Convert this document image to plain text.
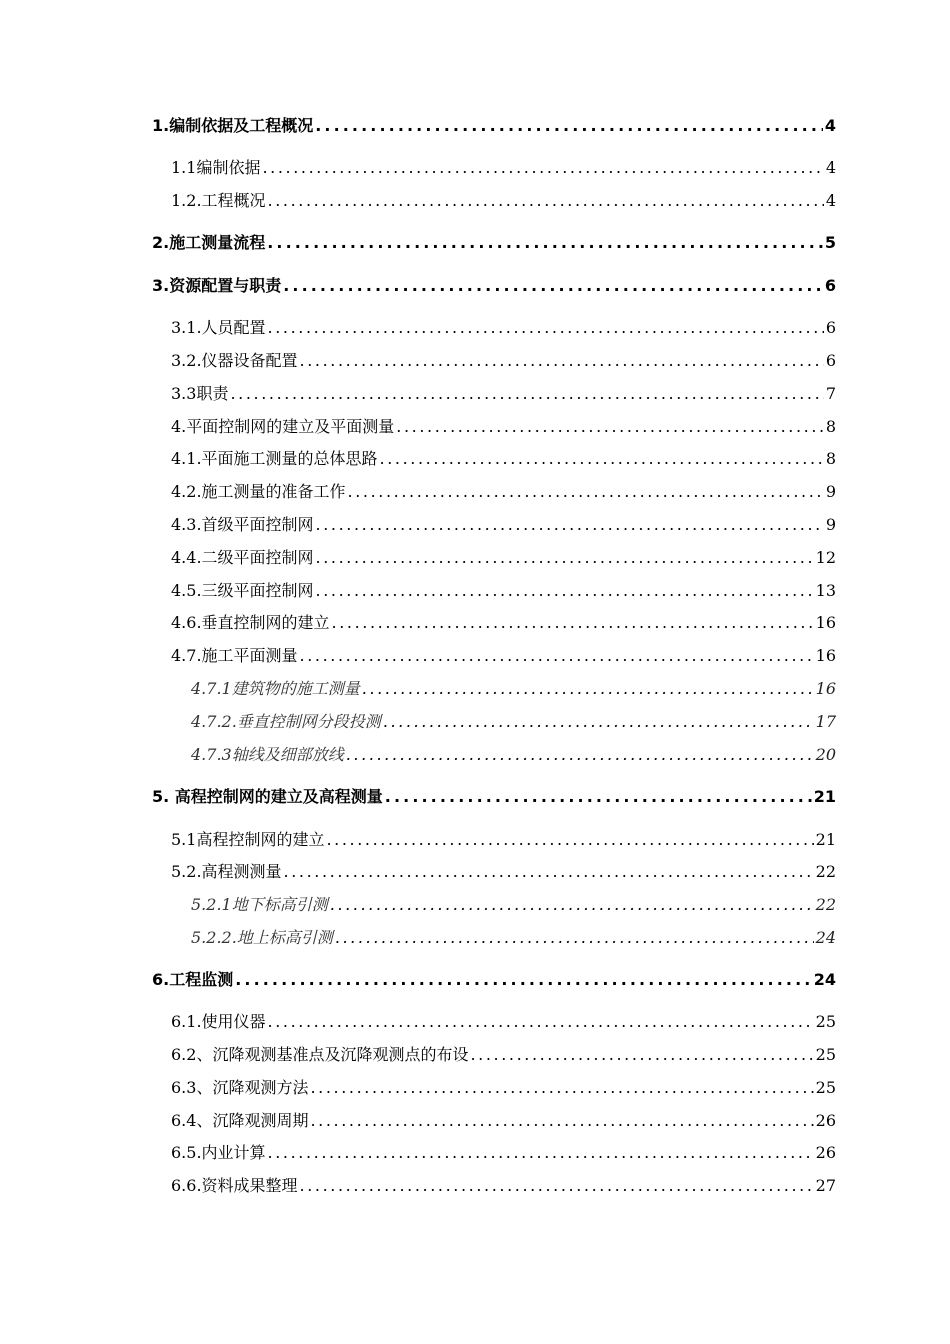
1.编制依据及工程概况 .....	4
1.1编制依据 .....	4
1.2.工程概况 .....	4
2.施工测量流程 .....	5
3.资源配置与职责 .....	6
3.1.人员配置 .....	6
3.2.仪器设备配置 .....	6
3.3职责 .....	7
4.平面控制网的建立及平面测量 .....	8
4.1.平面施工测量的总体思路 .....	8
4.2.施工测量的准备工作 .....	9
4.3.首级平面控制网 .....	9
4.4.二级平面控制网 .....	12
4.5.三级平面控制网 .....	13
4.6.垂直控制网的建立 .....	16
4.7.施工平面测量 .....	16
4.7.1建筑物的施工测量 .....	16
4.7.2.垂直控制网分段投测 .....	17
4.7.3轴线及细部放线 .....	20
5. 高程控制网的建立及高程测量 .....	21
5.1高程控制网的建立 .....	21
5.2.高程测测量 .....	22
5.2.1地下标高引测 .....	22
5.2.2.地上标高引测 .....	24
6.工程监测 .....	24
6.1.使用仪器 .....	25
6.2、沉降观测基准点及沉降观测点的布设 .....	25
6.3、沉降观测方法 .....	25
6.4、沉降观测周期 .....	26
6.5.内业计算 .....	26
6.6.资料成果整理 .....	27
